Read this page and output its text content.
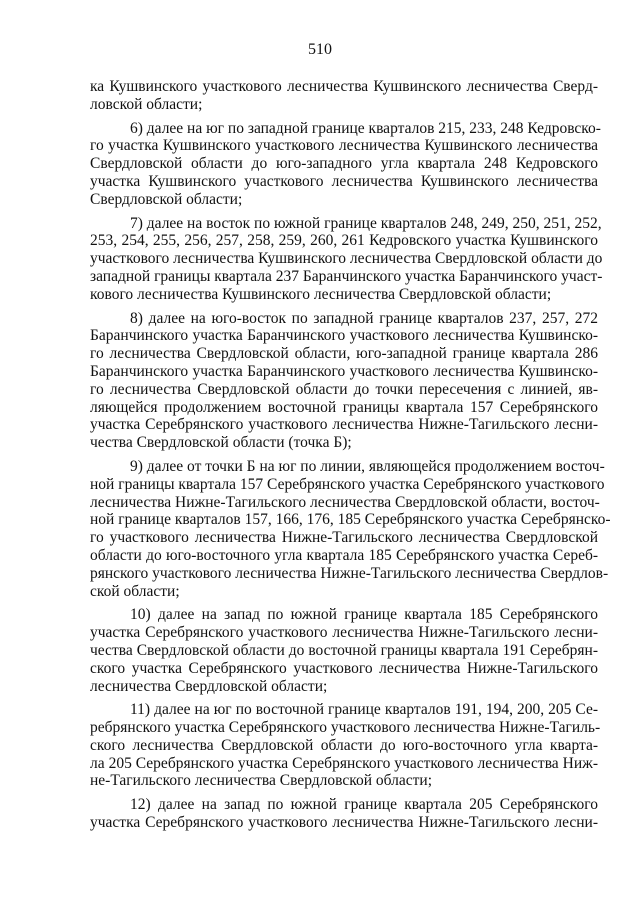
510
ка Кушвинского участкового лесничества Кушвинского лесничества Сверд-
ловской области;
6) далее на юг по западной границе кварталов 215, 233, 248 Кедровско-
го участка Кушвинского участкового лесничества Кушвинского лесничества
Свердловской области до юго-западного угла квартала 248 Кедровского
участка Кушвинского участкового лесничества Кушвинского лесничества
Свердловской области;
7) далее на восток по южной границе кварталов 248, 249, 250, 251, 252,
253, 254, 255, 256, 257, 258, 259, 260, 261 Кедровского участка Кушвинского
участкового лесничества Кушвинского лесничества Свердловской области до
западной границы квартала 237 Баранчинского участка Баранчинского участ-
кового лесничества Кушвинского лесничества Свердловской области;
8) далее на юго-восток по западной границе кварталов 237, 257, 272
Баранчинского участка Баранчинского участкового лесничества Кушвинско-
го лесничества Свердловской области, юго-западной границе квартала 286
Баранчинского участка Баранчинского участкового лесничества Кушвинско-
го лесничества Свердловской области до точки пересечения с линией, яв-
ляющейся продолжением восточной границы квартала 157 Серебрянского
участка Серебрянского участкового лесничества Нижне-Тагильского лесни-
чества Свердловской области (точка Б);
9) далее от точки Б на юг по линии, являющейся продолжением восточ-
ной границы квартала 157 Серебрянского участка Серебрянского участкового
лесничества Нижне-Тагильского лесничества Свердловской области, восточ-
ной границе кварталов 157, 166, 176, 185 Серебрянского участка Серебрянско-
го участкового лесничества Нижне-Тагильского лесничества Свердловской
области до юго-восточного угла квартала 185 Серебрянского участка Сереб-
рянского участкового лесничества Нижне-Тагильского лесничества Свердлов-
ской области;
10) далее на запад по южной границе квартала 185 Серебрянского
участка Серебрянского участкового лесничества Нижне-Тагильского лесни-
чества Свердловской области до восточной границы квартала 191 Серебрян-
ского участка Серебрянского участкового лесничества Нижне-Тагильского
лесничества Свердловской области;
11) далее на юг по восточной границе кварталов 191, 194, 200, 205 Се-
ребрянского участка Серебрянского участкового лесничества Нижне-Тагиль-
ского лесничества Свердловской области до юго-восточного угла кварта-
ла 205 Серебрянского участка Серебрянского участкового лесничества Ниж-
не-Тагильского лесничества Свердловской области;
12) далее на запад по южной границе квартала 205 Серебрянского
участка Серебрянского участкового лесничества Нижне-Тагильского лесни-
